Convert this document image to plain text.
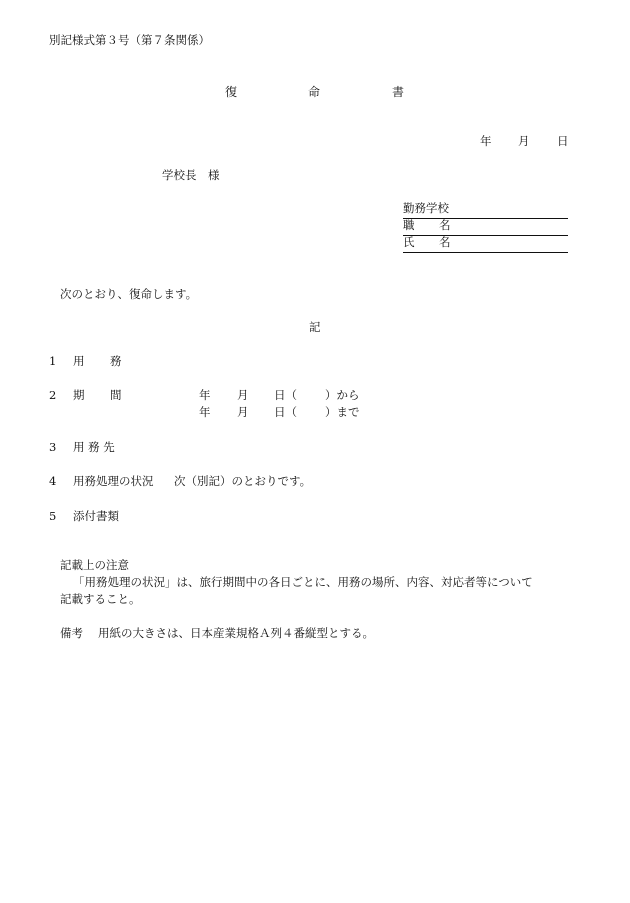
別記様式第３号（第７条関係）
復	命	書
年 月 日
学校長　様
勤務学校
職 名
氏 名
次のとおり、復命します。
記
1 用 務
2 期 間	年 月 日（ ）から
年 月 日（ ）まで
3 用 務 先
4 用務処理の状況 次（別記）のとおりです。
5 添付書類
記載上の注意
「用務処理の状況」は、旅行期間中の各日ごとに、用務の場所、内容、対応者等について
記載すること。
備考 用紙の大きさは、日本産業規格Ａ列４番縦型とする。
